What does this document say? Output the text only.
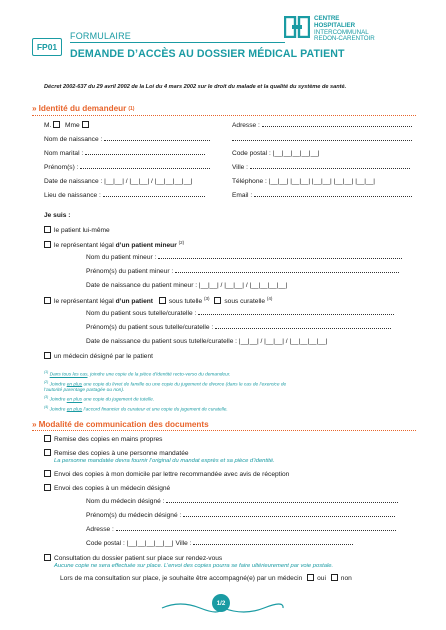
FP01
FORMULAIRE
DEMANDE D’ACCÈS AU DOSSIER MÉDICAL PATIENT
CENTRE
HOSPITALIER
INTERCOMMUNAL
REDON-CARENTOIR
Décret 2002-637 du 29 avril 2002 de la Loi du 4 mars 2002 sur le droit du malade et la qualité du système de santé.
» Identité du demandeur (1)
M. Mme
Nom de naissance :
Nom marital :
Prénom(s) :
Date de naissance : |__|__| / |__|__| / |__|__|__|__|
Lieu de naissance :
Adresse :
Code postal : |__|__|__|__|__|
Ville :
Téléphone : |__|__| |__|__| |__|__| |__|__| |__|__|
Email :
Je suis :
le patient lui-même
le représentant légal d’un patient mineur $^{(2)}$
Nom du patient mineur :
Prénom(s) du patient mineur :
Date de naissance du patient mineur : |__|__| / |__|__| / |__|__|__|__|
le représentant légal d’un patient sous tutelle $^{(3)}$ sous curatelle $^{(4)}$
Nom du patient sous tutelle/curatelle :
Prénom(s) du patient sous tutelle/curatelle :
Date de naissance du patient sous tutelle/curatelle : |__|__| / |__|__| / |__|__|__|__|
un médecin désigné par le patient
$^{(1)}$ Dans tous les cas, joindre une copie de la pièce d’identité recto-verso du demandeur.
$^{(2)}$ Joindre en plus une copie du livret de famille ou une copie du jugement de divorce (dans le cas de l’exercice de
l’autorité parentage partagée ou non).
$^{(3)}$ Joindre en plus une copie du jugement de tutelle.
$^{(4)}$ Joindre en plus l’accord financier du curateur et une copie du jugement de curatelle.
» Modalité de communication des documents
Remise des copies en mains propres
Remise des copies à une personne mandatée
La personne mandatée devra fournir l’original du mandat exprès et sa pièce d’identité.
Envoi des copies à mon domicile par lettre recommandée avec avis de réception
Envoi des copies à un médecin désigné
Nom du médecin désigné :
Prénom(s) du médecin désigné :
Adresse :
Code postal : |__|__|__|__|__| Ville :
Consultation du dossier patient sur place sur rendez-vous
Aucune copie ne sera effectuée sur place. L’envoi des copies pourra se faire ultérieurement par voie postale.
Lors de ma consultation sur place, je souhaite être accompagné(e) par un médecin oui non
1/2
